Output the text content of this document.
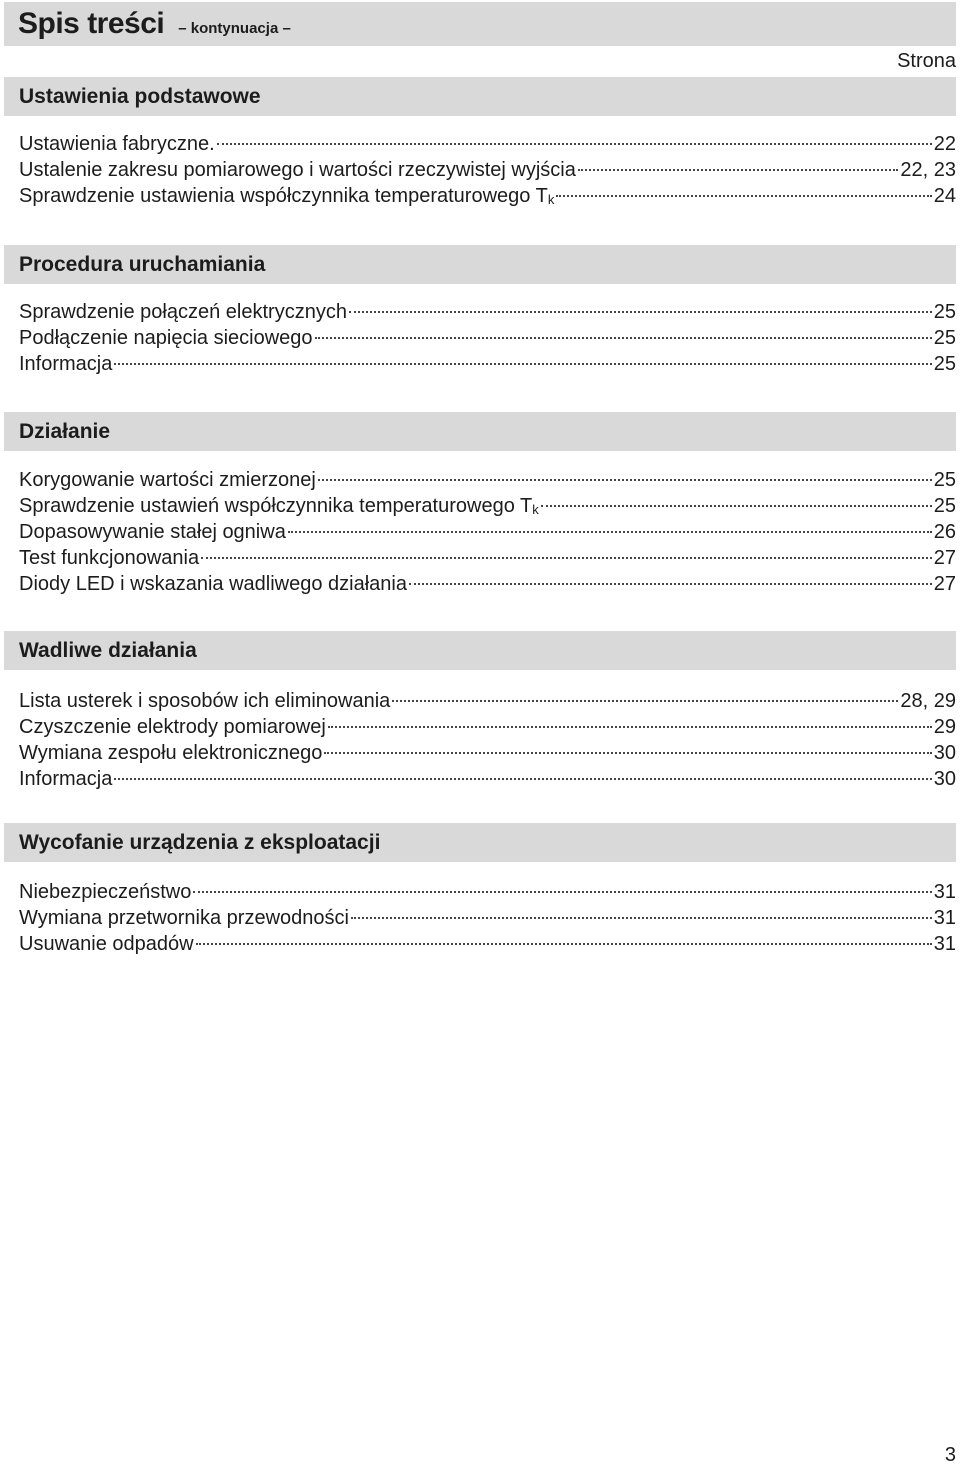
Spis treści – kontynuacja –
Strona
Ustawienia podstawowe
Ustawienia fabryczne.	22
Ustalenie zakresu pomiarowego i wartości rzeczywistej wyjścia	22, 23
Sprawdzenie ustawienia współczynnika temperaturowego $T_k$	24
Procedura uruchamiania
Sprawdzenie połączeń elektrycznych	25
Podłączenie napięcia sieciowego	25
Informacja	25
Działanie
Korygowanie wartości zmierzonej	25
Sprawdzenie ustawień współczynnika temperaturowego $T_k$	25
Dopasowywanie stałej ogniwa	26
Test funkcjonowania	27
Diody LED i wskazania wadliwego działania	27
Wadliwe działania
Lista usterek i sposobów ich eliminowania	28, 29
Czyszczenie elektrody pomiarowej	29
Wymiana zespołu elektronicznego	30
Informacja	30
Wycofanie urządzenia z eksploatacji
Niebezpieczeństwo	31
Wymiana przetwornika przewodności	31
Usuwanie odpadów	31
3
